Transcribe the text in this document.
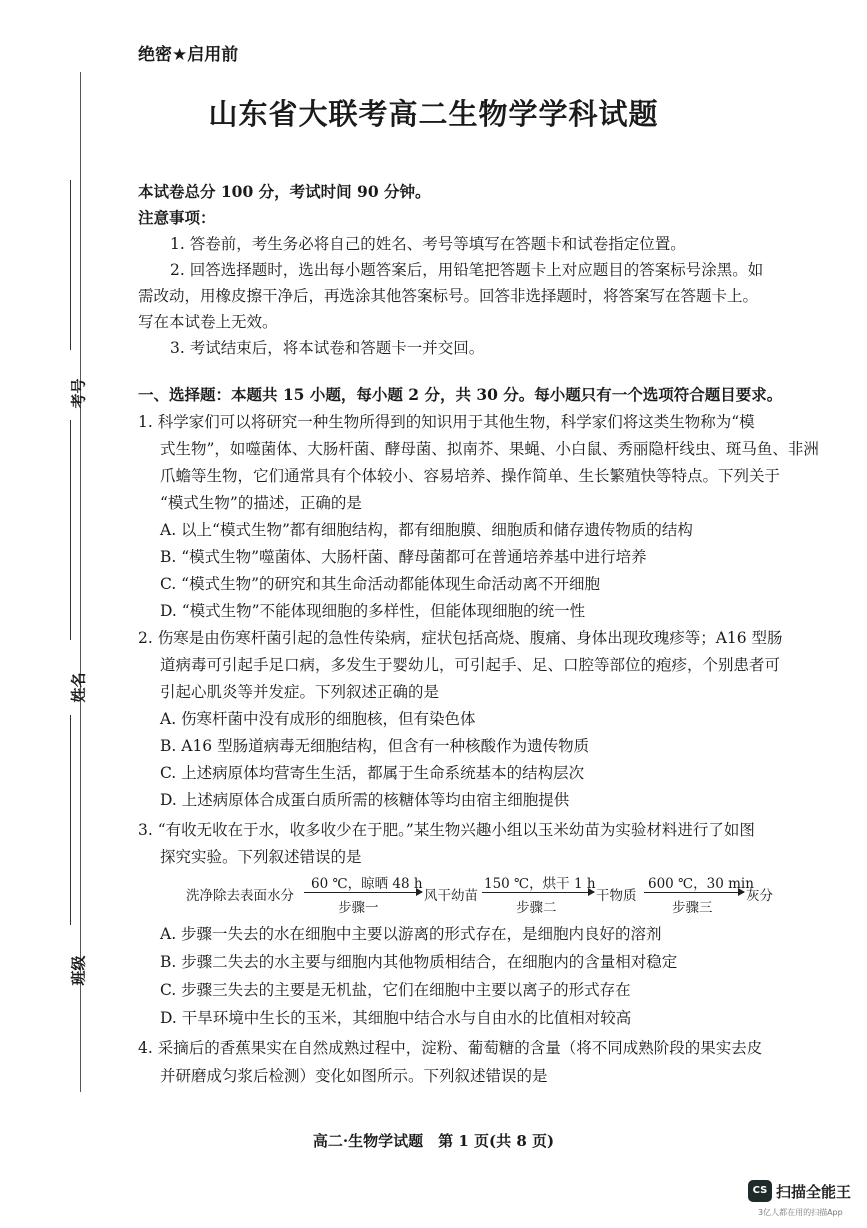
绝密★启用前
山东省大联考高二生物学学科试题
考号
姓名
班级
本试卷总分 100 分，考试时间 90 分钟。
注意事项：
1. 答卷前，考生务必将自己的姓名、考号等填写在答题卡和试卷指定位置。
2. 回答选择题时，选出每小题答案后，用铅笔把答题卡上对应题目的答案标号涂黑。如
需改动，用橡皮擦干净后，再选涂其他答案标号。回答非选择题时，将答案写在答题卡上。
写在本试卷上无效。
3. 考试结束后，将本试卷和答题卡一并交回。
一、选择题：本题共 15 小题，每小题 2 分，共 30 分。每小题只有一个选项符合题目要求。
1. 科学家们可以将研究一种生物所得到的知识用于其他生物，科学家们将这类生物称为“模
式生物”，如噬菌体、大肠杆菌、酵母菌、拟南芥、果蝇、小白鼠、秀丽隐杆线虫、斑马鱼、非洲
爪蟾等生物，它们通常具有个体较小、容易培养、操作简单、生长繁殖快等特点。下列关于
“模式生物”的描述，正确的是
A. 以上“模式生物”都有细胞结构，都有细胞膜、细胞质和储存遗传物质的结构
B. “模式生物”噬菌体、大肠杆菌、酵母菌都可在普通培养基中进行培养
C. “模式生物”的研究和其生命活动都能体现生命活动离不开细胞
D. “模式生物”不能体现细胞的多样性，但能体现细胞的统一性
2. 伤寒是由伤寒杆菌引起的急性传染病，症状包括高烧、腹痛、身体出现玫瑰疹等；A16 型肠
道病毒可引起手足口病，多发生于婴幼儿，可引起手、足、口腔等部位的疱疹，个别患者可
引起心肌炎等并发症。下列叙述正确的是
A. 伤寒杆菌中没有成形的细胞核，但有染色体
B. A16 型肠道病毒无细胞结构，但含有一种核酸作为遗传物质
C. 上述病原体均营寄生生活，都属于生命系统基本的结构层次
D. 上述病原体合成蛋白质所需的核糖体等均由宿主细胞提供
3. “有收无收在于水，收多收少在于肥。”某生物兴趣小组以玉米幼苗为实验材料进行了如图
探究实验。下列叙述错误的是
洗净除去表面水分
60 ℃，晾晒 48 h
步骤一
风干幼苗
150 ℃，烘干 1 h
步骤二
干物质
600 ℃，30 min
步骤三
灰分
A. 步骤一失去的水在细胞中主要以游离的形式存在，是细胞内良好的溶剂
B. 步骤二失去的水主要与细胞内其他物质相结合，在细胞内的含量相对稳定
C. 步骤三失去的主要是无机盐，它们在细胞中主要以离子的形式存在
D. 干旱环境中生长的玉米，其细胞中结合水与自由水的比值相对较高
4. 采摘后的香蕉果实在自然成熟过程中，淀粉、葡萄糖的含量（将不同成熟阶段的果实去皮
并研磨成匀浆后检测）变化如图所示。下列叙述错误的是
高二·生物学试题　第 1 页(共 8 页)
CS 扫描全能王
3亿人都在用的扫描App
